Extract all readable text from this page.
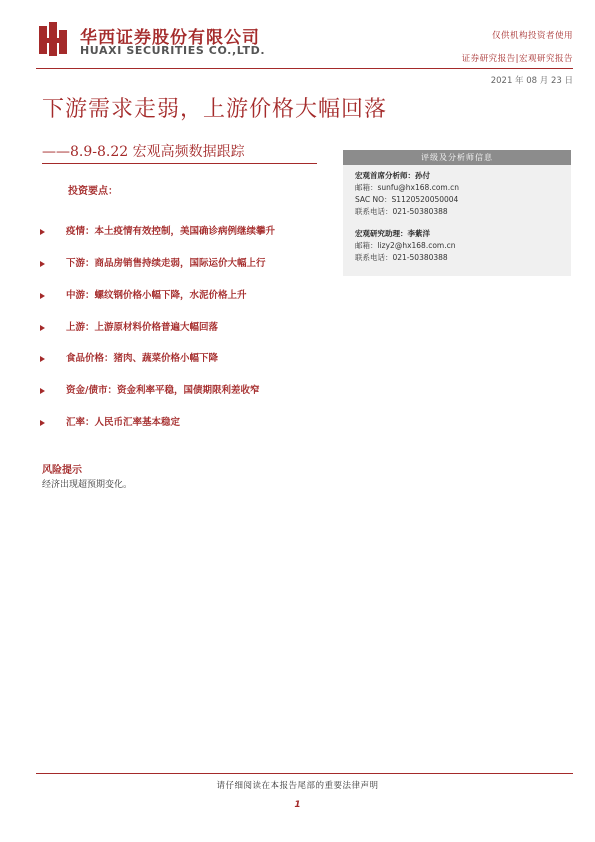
华西证券股份有限公司
HUAXI SECURITIES CO.,LTD.
仅供机构投资者使用
证券研究报告|宏观研究报告
2021 年 08 月 23 日
下游需求走弱，上游价格大幅回落
——8.9-8.22 宏观高频数据跟踪	评级及分析师信息
宏观首席分析师：孙付
邮箱：sunfu@hx168.com.cn
SAC NO：S1120520050004
联系电话：021-50380388
宏观研究助理：李紫洋
邮箱：lizy2@hx168.com.cn
联系电话：021-50380388
投资要点：
疫情：本土疫情有效控制，美国确诊病例继续攀升
下游：商品房销售持续走弱，国际运价大幅上行
中游：螺纹钢价格小幅下降，水泥价格上升
上游：上游原材料价格普遍大幅回落
食品价格：猪肉、蔬菜价格小幅下降
资金/债市：资金利率平稳，国债期限利差收窄
汇率：人民币汇率基本稳定
风险提示
经济出现超预期变化。
请仔细阅读在本报告尾部的重要法律声明
1
